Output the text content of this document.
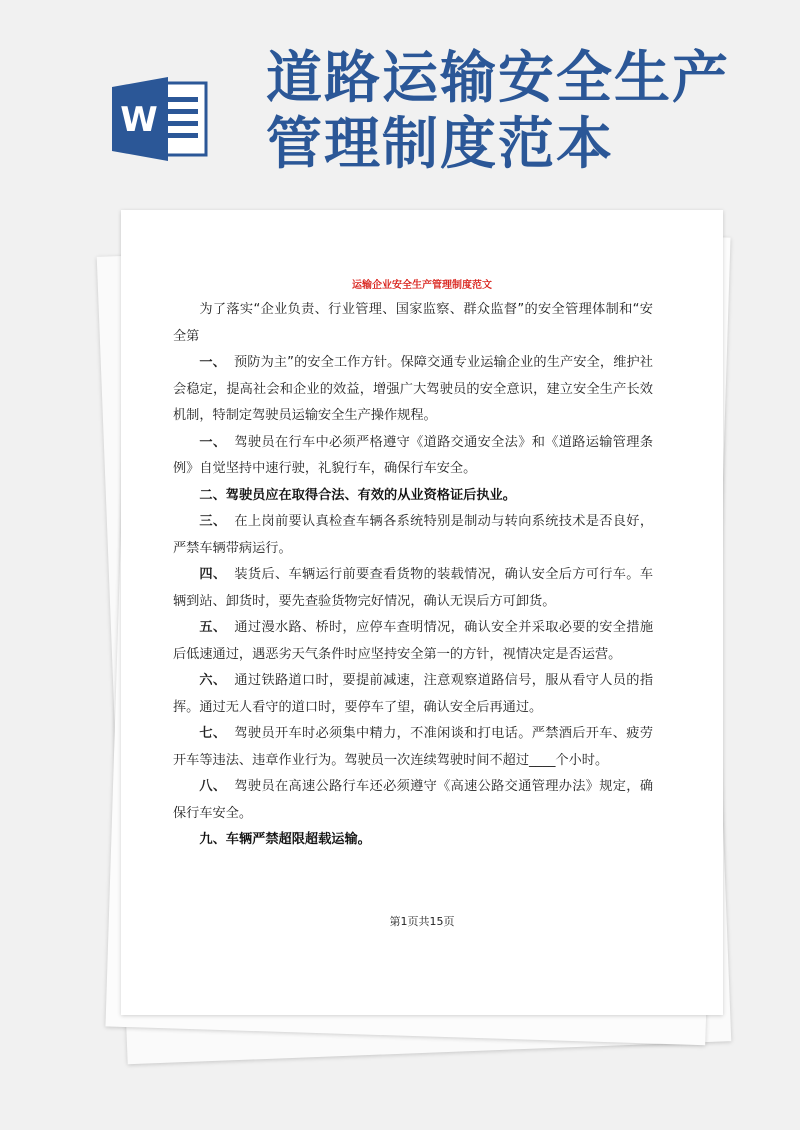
W
道路运输安全生产
管理制度范本
运输企业安全生产管理制度范文

为了落实“企业负责、行业管理、国家监察、群众监督”的安全管理体制和“安全第

一、 预防为主”的安全工作方针。保障交通专业运输企业的生产安全，维护社会稳定，提高社会和企业的效益，增强广大驾驶员的安全意识，建立安全生产长效机制，特制定驾驶员运输安全生产操作规程。

一、 驾驶员在行车中必须严格遵守《道路交通安全法》和《道路运输管理条例》自觉坚持中速行驶，礼貌行车，确保行车安全。

二、驾驶员应在取得合法、有效的从业资格证后执业。

三、 在上岗前要认真检查车辆各系统特别是制动与转向系统技术是否良好，严禁车辆带病运行。

四、 装货后、车辆运行前要查看货物的装载情况，确认安全后方可行车。车辆到站、卸货时，要先查验货物完好情况，确认无误后方可卸货。

五、 通过漫水路、桥时，应停车查明情况，确认安全并采取必要的安全措施后低速通过，遇恶劣天气条件时应坚持安全第一的方针，视情决定是否运营。

六、 通过铁路道口时，要提前减速，注意观察道路信号，服从看守人员的指挥。通过无人看守的道口时，要停车了望，确认安全后再通过。

七、 驾驶员开车时必须集中精力，不准闲谈和打电话。严禁酒后开车、疲劳开车等违法、违章作业行为。驾驶员一次连续驾驶时间不超过____个小时。

八、 驾驶员在高速公路行车还必须遵守《高速公路交通管理办法》规定，确保行车安全。

九、车辆严禁超限超载运输。

第1页共15页
